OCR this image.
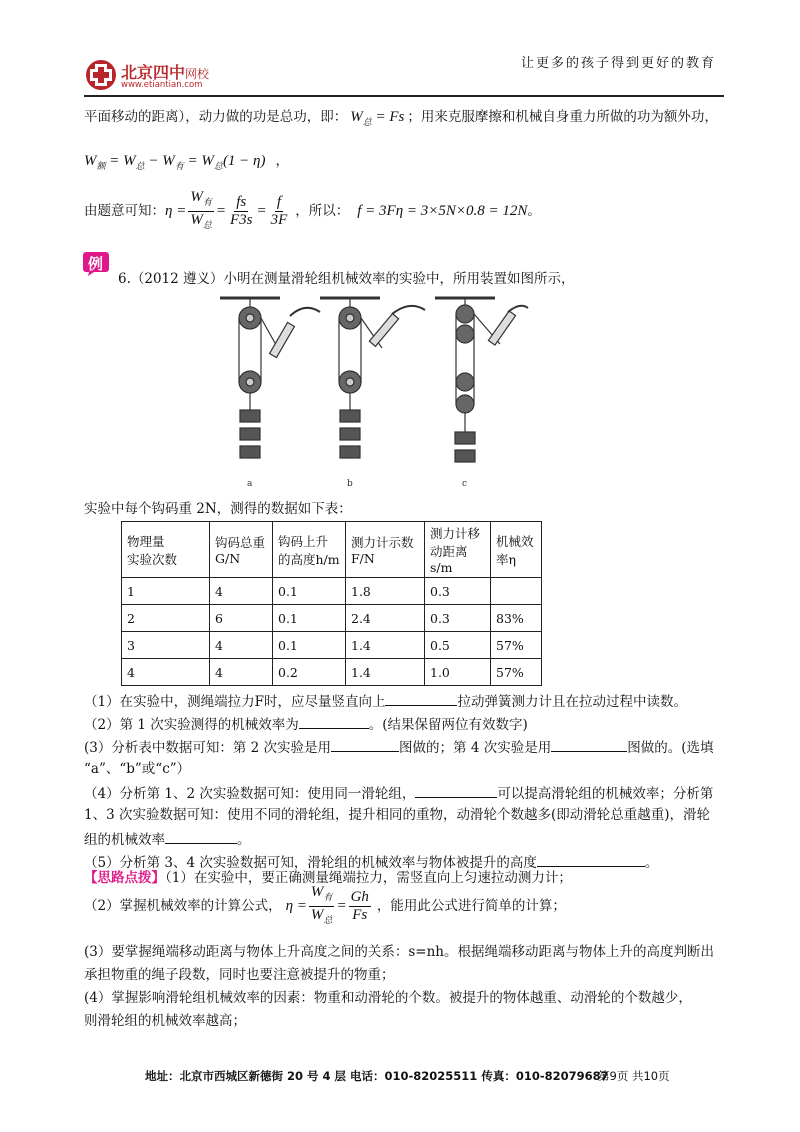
北京四中网校
www.etiantian.com
让更多的孩子得到更好的教育
平面移动的距离），动力做的功是总功，即： $W_总 = Fs$ ；用来克服摩擦和机械自身重力所做的功为额外功，
$W_额 = W_总 - W_有 = W_总(1 - \eta)$ ，
由题意可知： $\eta = \frac{W_有}{W_总} = \frac{fs}{F3s} = \frac{f}{3F}$ ，所以： f = 3Fη = 3×5N×0.8 = 12N 。
例
6.（2012 遵义）小明在测量滑轮组机械效率的实验中，所用装置如图所示，
a	b	c
实验中每个钩码重 2N，测得的数据如下表：
物理量
实验次数	钩码总重G/N	钩码上升的高度h/m	测力计示数F/N	测力计移动距离s/m	机械效率η
1	4	0.1	1.8	0.3	
2	6	0.1	2.4	0.3	83%
3	4	0.1	1.4	0.5	57%
4	4	0.2	1.4	1.0	57%
（1）在实验中，测绳端拉力F时，应尽量竖直向上	拉动弹簧测力计且在拉动过程中读数。
（2）第 1 次实验测得的机械效率为	。(结果保留两位有效数字)
(3）分析表中数据可知：第 2 次实验是用	图做的；第 4 次实验是用	图做的。(选填
“a”、“b”或“c”）
（4）分析第 1、2 次实验数据可知：使用同一滑轮组，	可以提高滑轮组的机械效率；分析第
1、3 次实验数据可知：使用不同的滑轮组，提升相同的重物，动滑轮个数越多(即动滑轮总重越重)，滑轮
组的机械效率	。
（5）分析第 3、4 次实验数据可知，滑轮组的机械效率与物体被提升的高度	。
【思路点拨】（1）在实验中，要正确测量绳端拉力，需竖直向上匀速拉动测力计；
（2）掌握机械效率的计算公式， $\eta = \frac{W_有}{W_总} = \frac{Gh}{Fs}$ ，能用此公式进行简单的计算；
(3）要掌握绳端移动距离与物体上升高度之间的关系：s=nh。根据绳端移动距离与物体上升的高度判断出
承担物重的绳子段数，同时也要注意被提升的物重；
(4）掌握影响滑轮组机械效率的因素：物重和动滑轮的个数。被提升的物体越重、动滑轮的个数越少，
则滑轮组的机械效率越高；
地址：北京市西城区新德街 20 号 4 层 电话：010-82025511 传真：010-82079687
第9页 共10页
